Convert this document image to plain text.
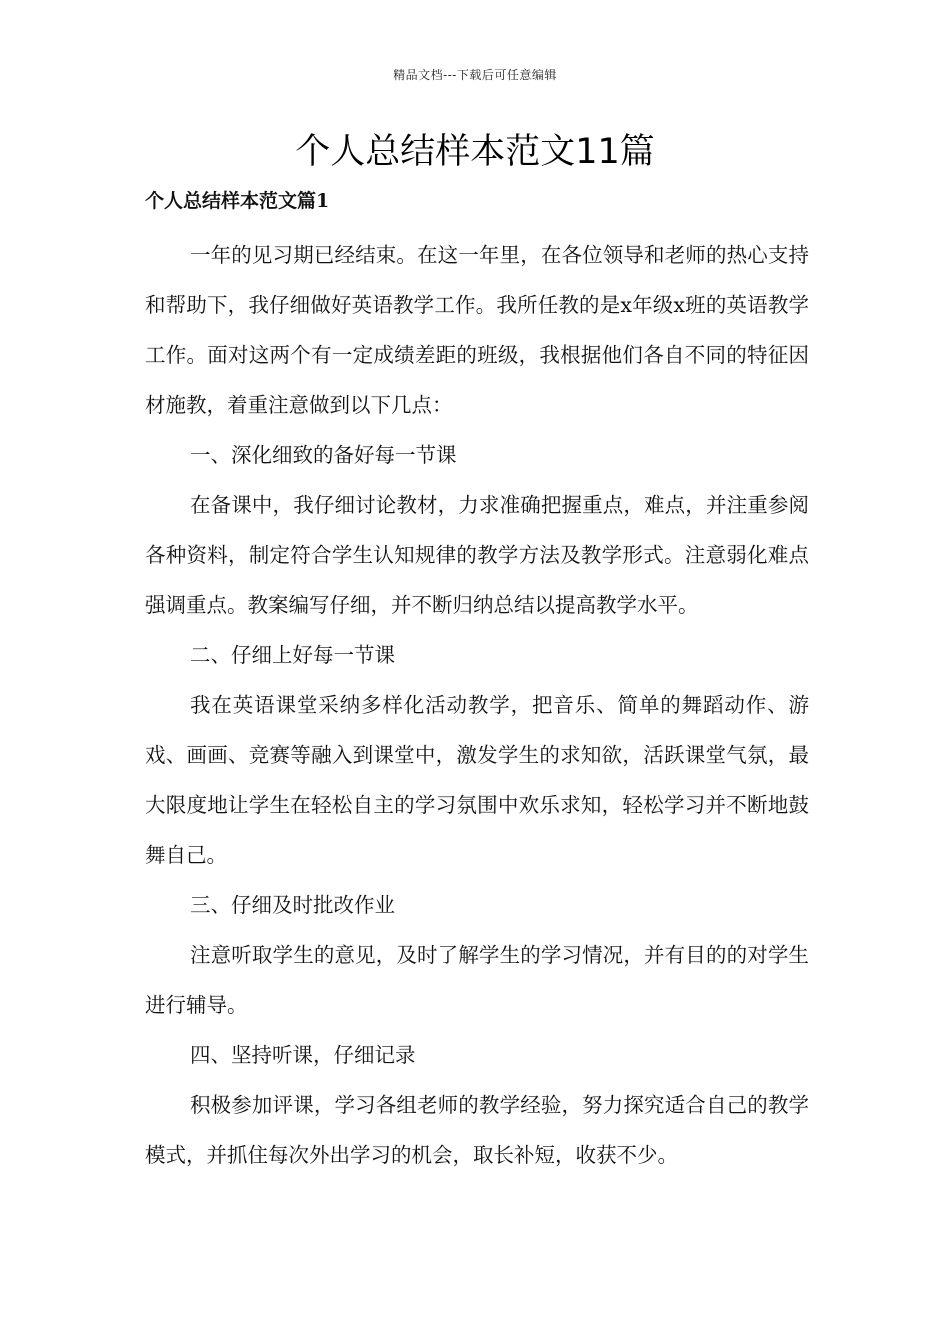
精品文档---下载后可任意编辑
个人总结样本范文11篇
个人总结样本范文篇1

一年的见习期已经结束。在这一年里，在各位领导和老师的热心支持和帮助下，我仔细做好英语教学工作。我所任教的是x年级x班的英语教学工作。面对这两个有一定成绩差距的班级，我根据他们各自不同的特征因材施教，着重注意做到以下几点：

一、深化细致的备好每一节课

在备课中，我仔细讨论教材，力求准确把握重点，难点，并注重参阅各种资料，制定符合学生认知规律的教学方法及教学形式。注意弱化难点强调重点。教案编写仔细，并不断归纳总结以提高教学水平。

二、仔细上好每一节课

我在英语课堂采纳多样化活动教学，把音乐、简单的舞蹈动作、游戏、画画、竞赛等融入到课堂中，激发学生的求知欲，活跃课堂气氛，最大限度地让学生在轻松自主的学习氛围中欢乐求知，轻松学习并不断地鼓舞自己。

三、仔细及时批改作业

注意听取学生的意见，及时了解学生的学习情况，并有目的的对学生进行辅导。

四、坚持听课，仔细记录

积极参加评课，学习各组老师的教学经验，努力探究适合自己的教学模式，并抓住每次外出学习的机会，取长补短，收获不少。
